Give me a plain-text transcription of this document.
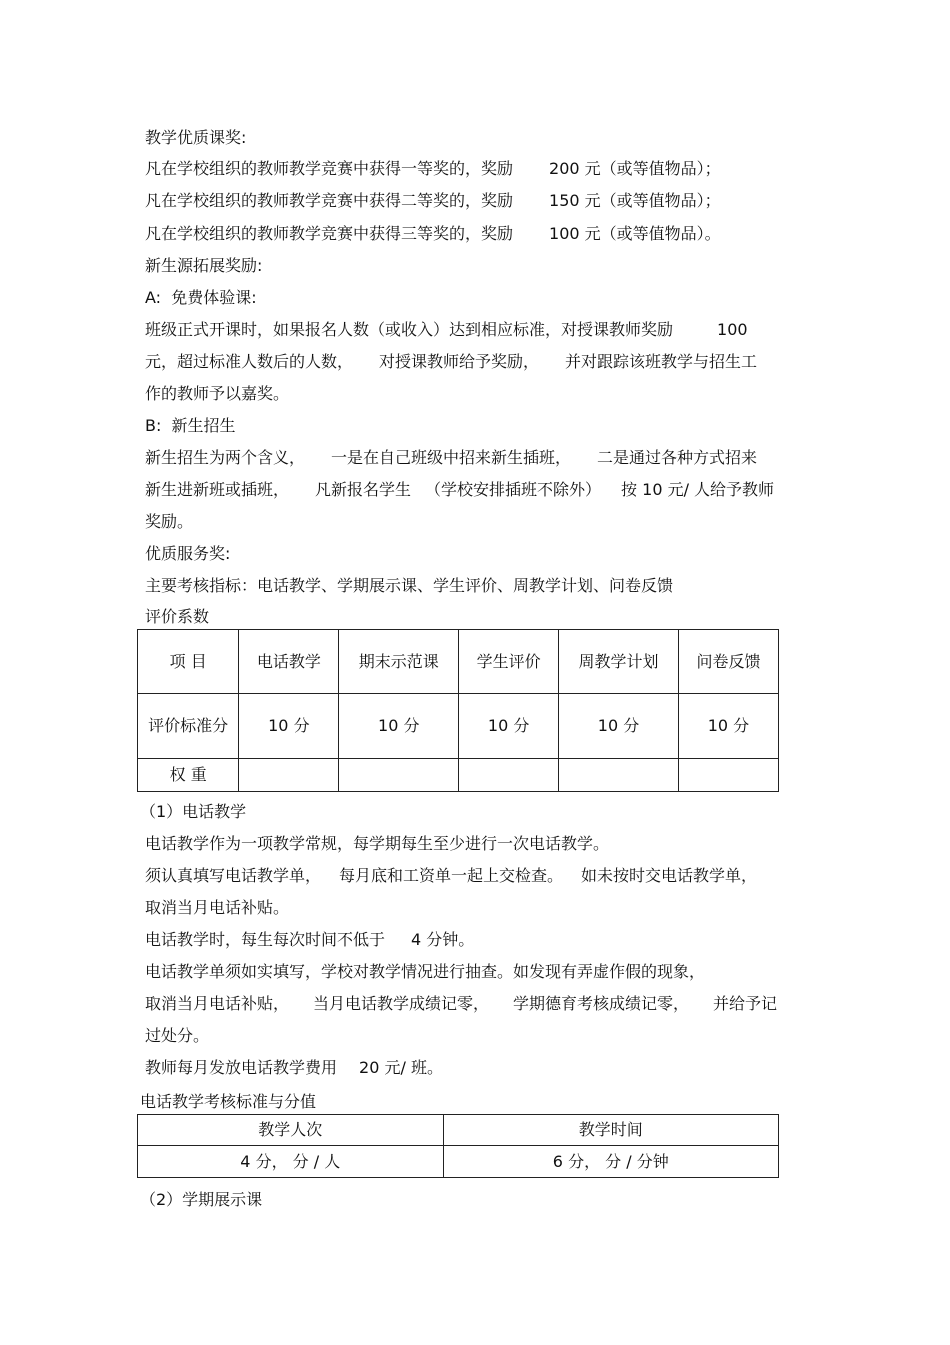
教学优质课奖:
凡在学校组织的教师教学竞赛中获得一等奖的，奖励 200 元（或等值物品）；
凡在学校组织的教师教学竞赛中获得二等奖的，奖励 150 元（或等值物品）；
凡在学校组织的教师教学竞赛中获得三等奖的，奖励 100 元（或等值物品）。
新生源拓展奖励:
A:  免费体验课:
班级正式开课时，如果报名人数（或收入）达到相应标准，对授课教师奖励	100
元，超过标准人数后的人数， 对授课教师给予奖励， 并对跟踪该班教学与招生工
作的教师予以嘉奖。
B:  新生招生
新生招生为两个含义， 一是在自己班级中招来新生插班， 二是通过各种方式招来
新生进新班或插班， 凡新报名学生 （学校安排插班不除外） 按 10 元/ 人给予教师
奖励。
优质服务奖:
主要考核指标：电话教学、学期展示课、学生评价、周教学计划、问卷反馈
评价系数
项 目	电话教学	期末示范课	学生评价	周教学计划	问卷反馈
评价标准分	10 分	10 分	10 分	10 分	10 分
权 重					
（1）电话教学
电话教学作为一项教学常规，每学期每生至少进行一次电话教学。
须认真填写电话教学单， 每月底和工资单一起上交检查。 如未按时交电话教学单，
取消当月电话补贴。
电话教学时，每生每次时间不低于 4 分钟。
电话教学单须如实填写，学校对教学情况进行抽查。如发现有弄虚作假的现象，
取消当月电话补贴， 当月电话教学成绩记零， 学期德育考核成绩记零， 并给予记
过处分。
教师每月发放电话教学费用 20 元/ 班。
电话教学考核标准与分值
教学人次	教学时间
4 分， 分 / 人	6 分， 分 / 分钟
（2）学期展示课
